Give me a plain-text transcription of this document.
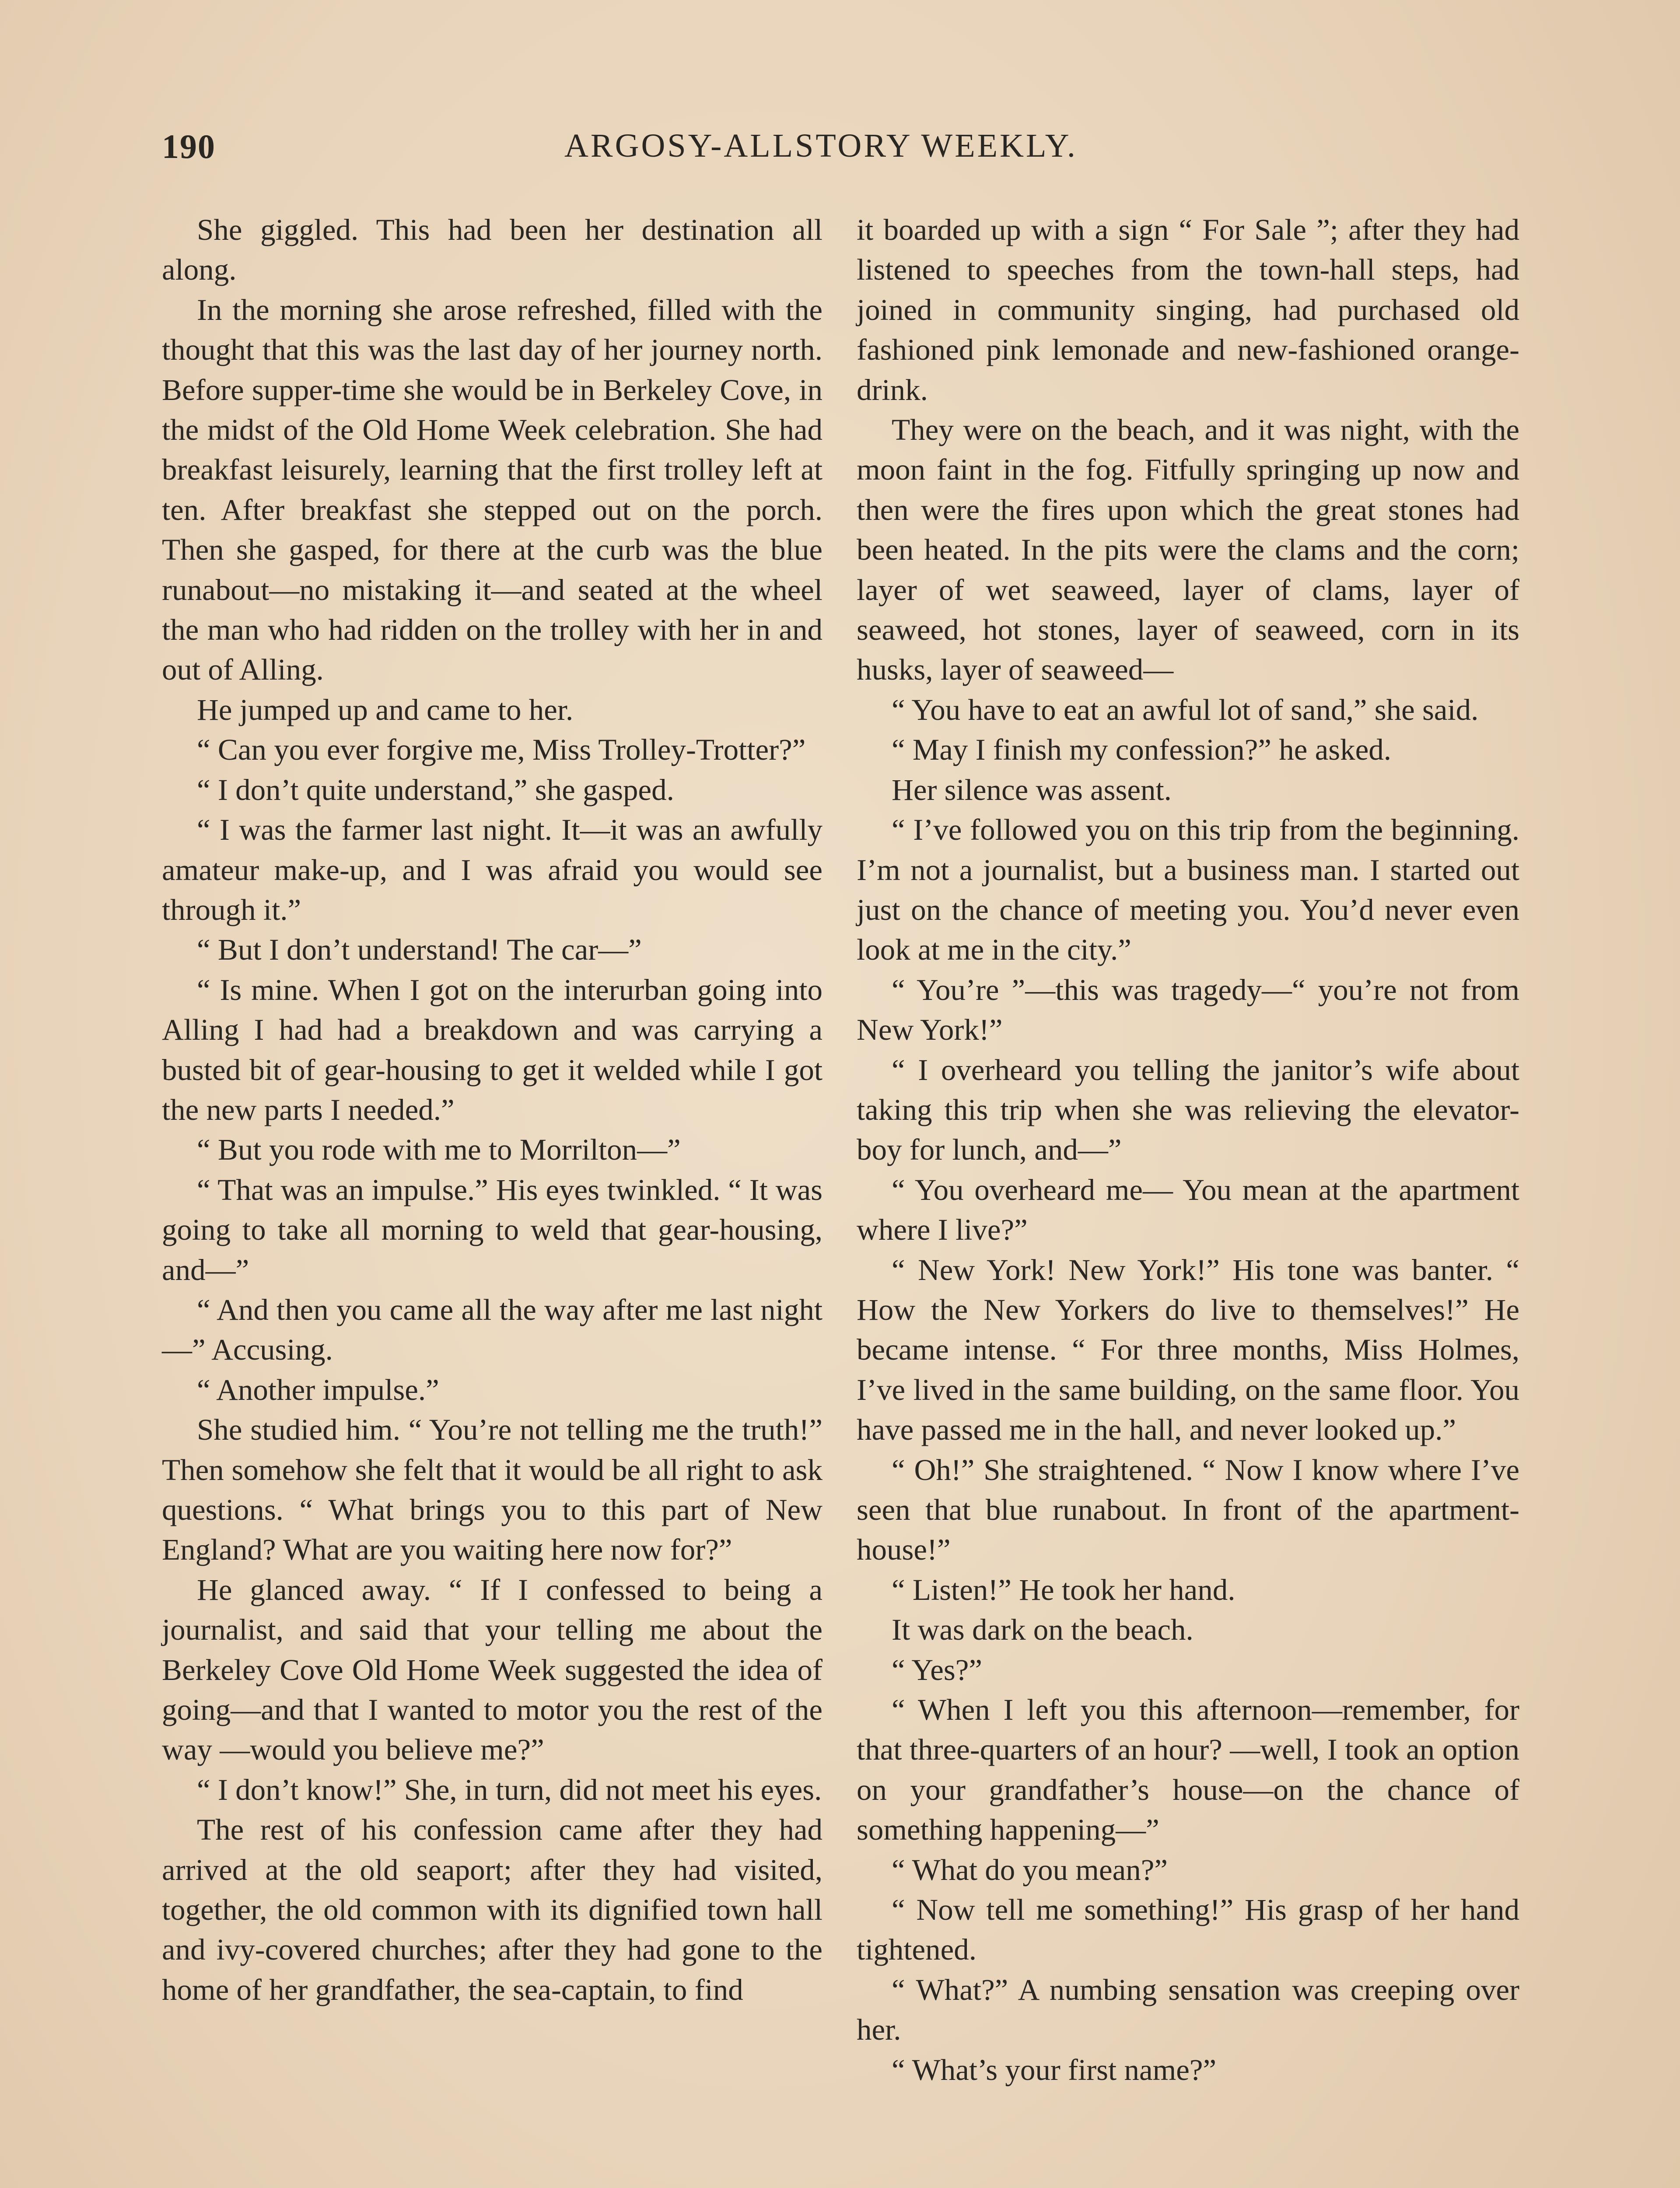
190	ARGOSY-ALLSTORY WEEKLY.

She giggled. This had been her destination all along.

In the morning she arose refreshed, filled with the thought that this was the last day of her journey north. Before supper-time she would be in Berkeley Cove, in the midst of the Old Home Week celebration. She had breakfast leisurely, learning that the first trolley left at ten. After breakfast she stepped out on the porch. Then she gasped, for there at the curb was the blue runabout—no mistaking it—and seated at the wheel the man who had ridden on the trolley with her in and out of Alling.

He jumped up and came to her.

“ Can you ever forgive me, Miss Trolley-Trotter?”

“ I don’t quite understand,” she gasped.

“ I was the farmer last night. It—it was an awfully amateur make-up, and I was afraid you would see through it.”

“ But I don’t understand! The car—”

“ Is mine. When I got on the interurban going into Alling I had had a breakdown and was carrying a busted bit of gear-housing to get it welded while I got the new parts I needed.”

“ But you rode with me to Morrilton—”

“ That was an impulse.” His eyes twinkled. “ It was going to take all morning to weld that gear-housing, and—”

“ And then you came all the way after me last night—” Accusing.

“ Another impulse.”

She studied him. “ You’re not telling me the truth!” Then somehow she felt that it would be all right to ask questions. “ What brings you to this part of New England? What are you waiting here now for?”

He glanced away. “ If I confessed to being a journalist, and said that your telling me about the Berkeley Cove Old Home Week suggested the idea of going—and that I wanted to motor you the rest of the way —would you believe me?”

“ I don’t know!” She, in turn, did not meet his eyes.

The rest of his confession came after they had arrived at the old seaport; after they had visited, together, the old common with its dignified town hall and ivy-covered churches; after they had gone to the home of her grandfather, the sea-captain, to find

it boarded up with a sign “ For Sale ”; after they had listened to speeches from the town-hall steps, had joined in community singing, had purchased old fashioned pink lemonade and new-fashioned orange-drink.

They were on the beach, and it was night, with the moon faint in the fog. Fitfully springing up now and then were the fires upon which the great stones had been heated. In the pits were the clams and the corn; layer of wet seaweed, layer of clams, layer of seaweed, hot stones, layer of seaweed, corn in its husks, layer of seaweed—

“ You have to eat an awful lot of sand,” she said.

“ May I finish my confession?” he asked.

Her silence was assent.

“ I’ve followed you on this trip from the beginning. I’m not a journalist, but a business man. I started out just on the chance of meeting you. You’d never even look at me in the city.”

“ You’re ”—this was tragedy—“ you’re not from New York!”

“ I overheard you telling the janitor’s wife about taking this trip when she was relieving the elevator-boy for lunch, and—”

“ You overheard me— You mean at the apartment where I live?”

“ New York! New York!” His tone was banter. “ How the New Yorkers do live to themselves!” He became intense. “ For three months, Miss Holmes, I’ve lived in the same building, on the same floor. You have passed me in the hall, and never looked up.”

“ Oh!” She straightened. “ Now I know where I’ve seen that blue runabout. In front of the apartment-house!”

“ Listen!” He took her hand.

It was dark on the beach.

“ Yes?”

“ When I left you this afternoon—remember, for that three-quarters of an hour? —well, I took an option on your grandfather’s house—on the chance of something happening—”

“ What do you mean?”

“ Now tell me something!” His grasp of her hand tightened.

“ What?” A numbing sensation was creeping over her.

“ What’s your first name?”
